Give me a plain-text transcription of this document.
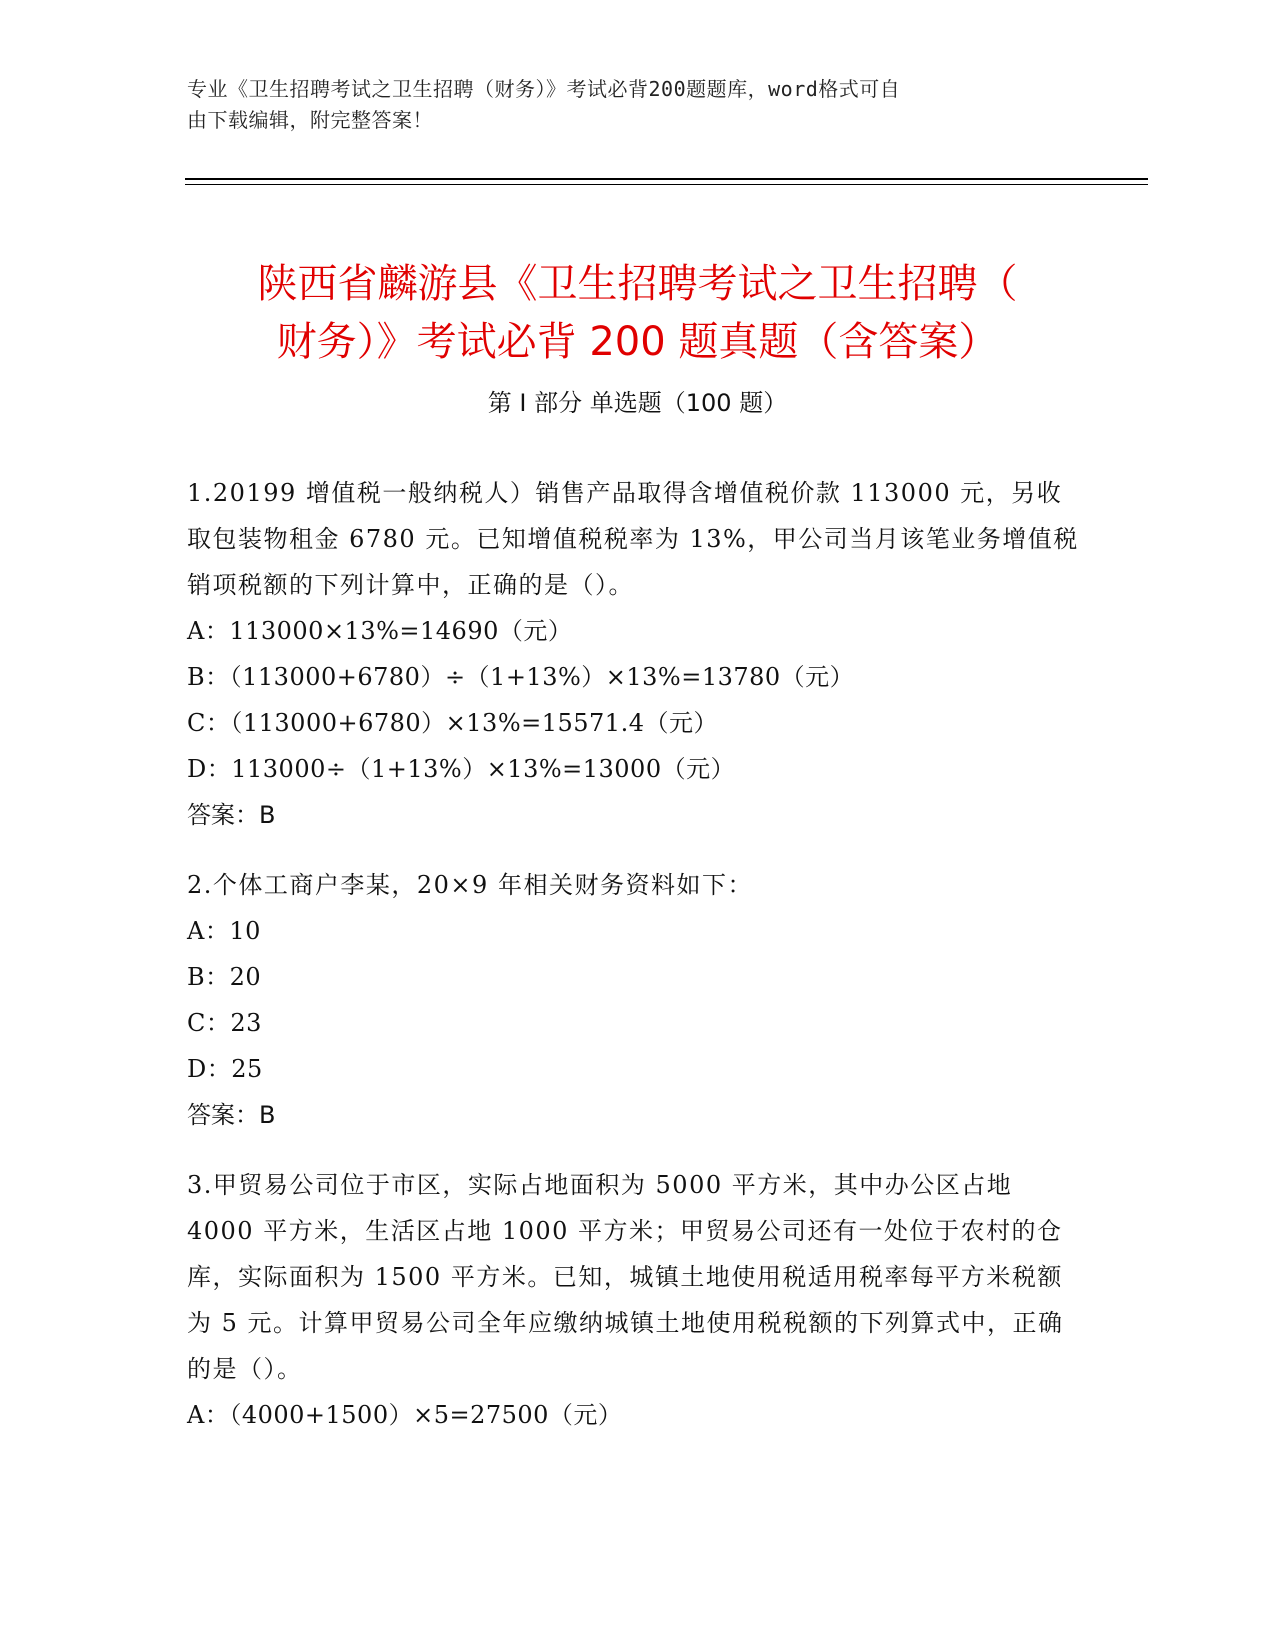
专业《卫生招聘考试之卫生招聘（财务）》考试必背200题题库，word格式可自
由下载编辑，附完整答案！
陕西省麟游县《卫生招聘考试之卫生招聘（
财务）》考试必背 200 题真题（含答案）
第 I 部分 单选题（100 题）
1.20199 增值税一般纳税人）销售产品取得含增值税价款 113000 元，另收取包装物租金 6780 元。已知增值税税率为 13%，甲公司当月该笔业务增值税销项税额的下列计算中，正确的是（）。
A：113000×13%=14690（元）
B：（113000+6780）÷（1+13%）×13%=13780（元）
C：（113000+6780）×13%=15571.4（元）
D：113000÷（1+13%）×13%=13000（元）
答案：B
2.个体工商户李某，20×9 年相关财务资料如下：
A：10
B：20
C：23
D：25
答案：B
3.甲贸易公司位于市区，实际占地面积为 5000 平方米，其中办公区占地 4000 平方米，生活区占地 1000 平方米；甲贸易公司还有一处位于农村的仓库，实际面积为 1500 平方米。已知，城镇土地使用税适用税率每平方米税额为 5 元。计算甲贸易公司全年应缴纳城镇土地使用税税额的下列算式中，正确的是（）。
A：（4000+1500）×5=27500（元）
